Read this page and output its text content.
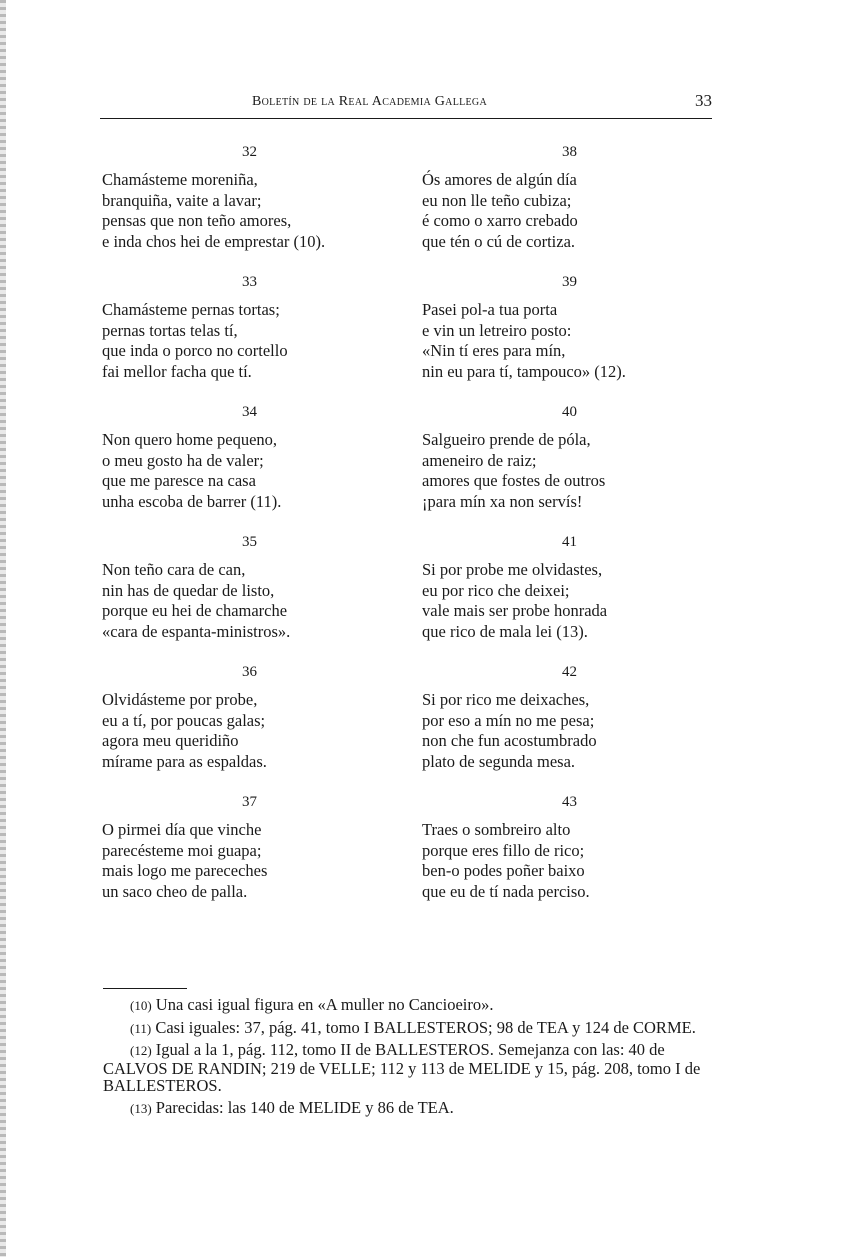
Boletín de la Real Academia Gallega	33
32
Chamásteme moreniña,
branquiña, vaite a lavar;
pensas que non teño amores,
e inda chos hei de emprestar (10).
33
Chamásteme pernas tortas;
pernas tortas telas tí,
que inda o porco no cortello
fai mellor facha que tí.
34
Non quero home pequeno,
o meu gosto ha de valer;
que me paresce na casa
unha escoba de barrer (11).
35
Non teño cara de can,
nin has de quedar de listo,
porque eu hei de chamarche
«cara de espanta-ministros».
36
Olvidásteme por probe,
eu a tí, por poucas galas;
agora meu queridiño
mírame para as espaldas.
37
O pirmei día que vinche
parecésteme moi guapa;
mais logo me pareceches
un saco cheo de palla.
38
Ós amores de algún día
eu non lle teño cubiza;
é como o xarro crebado
que tén o cú de cortiza.
39
Pasei pol-a tua porta
e vin un letreiro posto:
«Nin tí eres para mín,
nin eu para tí, tampouco» (12).
40
Salgueiro prende de póla,
ameneiro de raiz;
amores que fostes de outros
¡para mín xa non servís!
41
Si por probe me olvidastes,
eu por rico che deixei;
vale mais ser probe honrada
que rico de mala lei (13).
42
Si por rico me deixaches,
por eso a mín no me pesa;
non che fun acostumbrado
plato de segunda mesa.
43
Traes o sombreiro alto
porque eres fillo de rico;
ben-o podes poñer baixo
que eu de tí nada perciso.
(10) Una casi igual figura en «A muller no Cancioeiro».
(11) Casi iguales: 37, pág. 41, tomo I BALLESTEROS; 98 de TEA y 124 de CORME.
(12) Igual a la 1, pág. 112, tomo II de BALLESTEROS. Semejanza con las: 40 de CALVOS DE RANDIN; 219 de VELLE; 112 y 113 de MELIDE y 15, pág. 208, tomo I de BALLESTEROS.
(13) Parecidas: las 140 de MELIDE y 86 de TEA.
